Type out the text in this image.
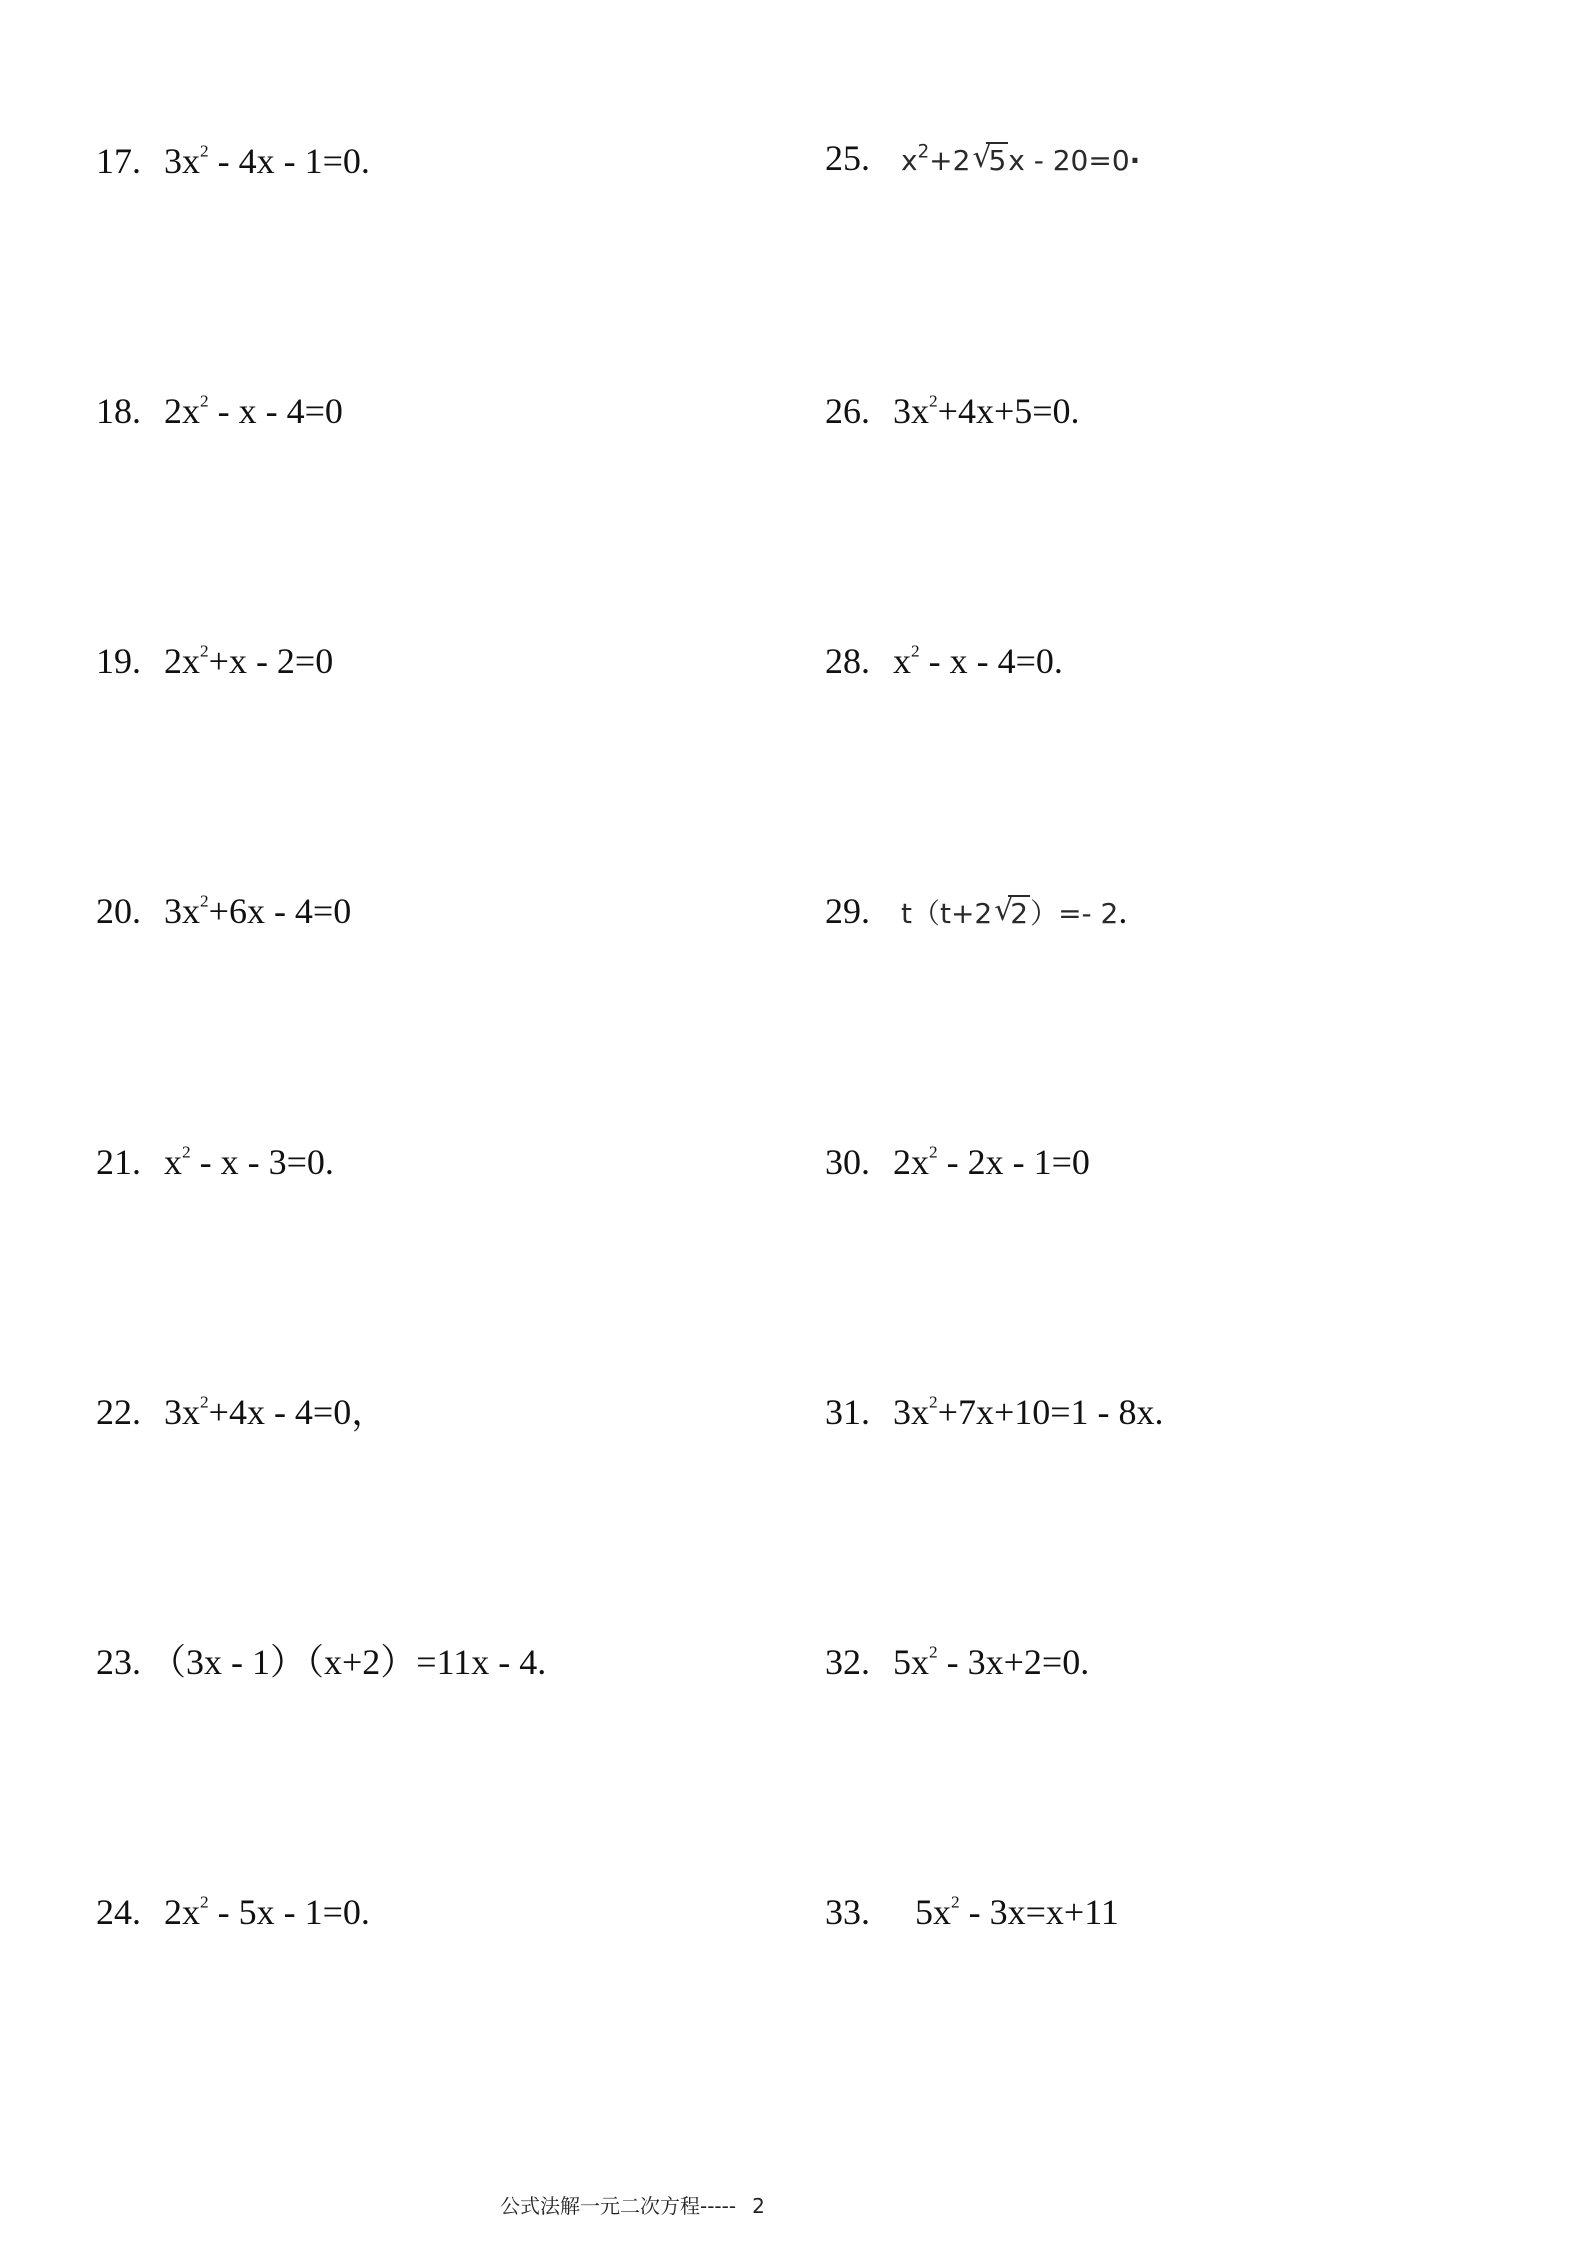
17. $3x^2 - 4x - 1=0$.
18. $2x^2 - x - 4=0$
19. $2x^2+x - 2=0$
20. $3x^2+6x - 4=0$
21. $x^2 - x - 3=0$.
22. $3x^2+4x - 4=0$，
23. （3x - 1）（x+2）=11x - 4.
24. $2x^2 - 5x - 1=0$.
25. $x^2+2$ √
5x - 20=0·
26. $3x^2+4x+5=0$.
28. $x^2 - x - 4=0$.
29. t（t+2 √
2）=- 2.
30. $2x^2 - 2x - 1=0$
31. $3x^2+7x+10=1 - 8x$.
32. $5x^2 - 3x+2=0$.
33. $5x^2 - 3x=x+11$
公式法解一元二次方程----- 2
